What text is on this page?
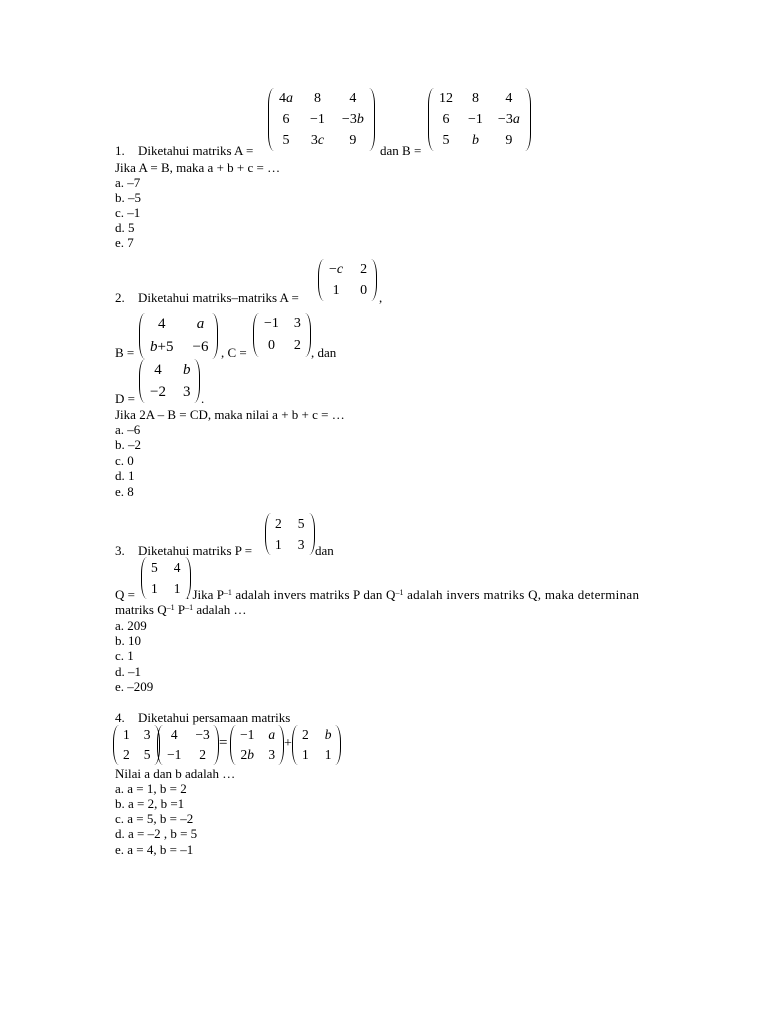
1. Diketahui matriks A =
4a	8	4
6	−1	−3b
5	3c	9
dan B =
12	8	4
6	−1	−3a
5	b	9
Jika A = B, maka a + b + c = …
a. –7
b. –5
c. –1
d. 5
e. 7
2. Diketahui matriks–matriks A =
−c	2
1	0 ,
B =
4	a
b+5	−6 , C =
−1	3
0	2 , dan
D =
4	b
−2	3 .
Jika 2A – B = CD, maka nilai a + b + c = …
a. –6
b. –2
c. 0
d. 1
e. 8
3. Diketahui matriks P =
2	5
1	3 dan
Q =
5	4
1	1 . Jika $P^{-1}$ adalah invers matriks P dan $Q^{-1}$ adalah invers matriks Q, maka determinan
matriks $Q^{-1}$ $P^{-1}$ adalah …
a. 209
b. 10
c. 1
d. –1
e. –209
4. Diketahui persamaan matriks
1	3
2	5
4	−3
−1	2
=
−1	a
2b	3
+
2	b
1	1
Nilai a dan b adalah …
a. a = 1, b = 2
b. a = 2, b =1
c. a = 5, b = –2
d. a = –2 , b = 5
e. a = 4, b = –1
